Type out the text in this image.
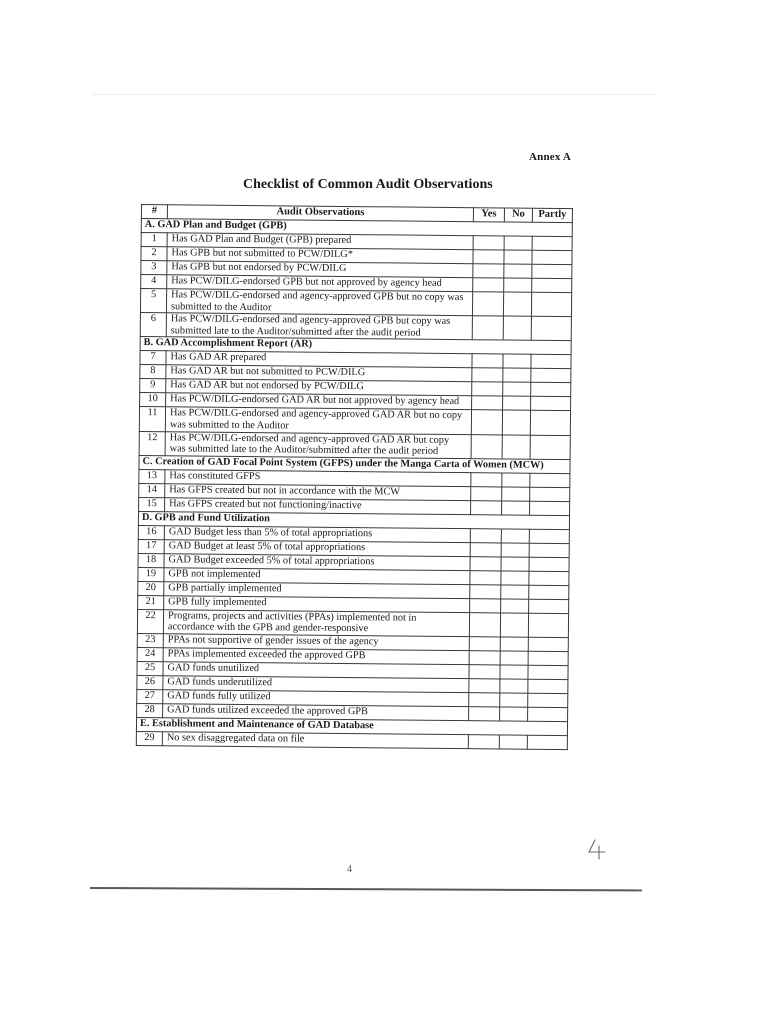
Annex A
Checklist of Common Audit Observations
#	Audit Observations	Yes	No	Partly
A. GAD Plan and Budget (GPB)				
1	Has GAD Plan and Budget (GPB) prepared			
2	Has GPB but not submitted to PCW/DILG*			
3	Has GPB but not endorsed by PCW/DILG			
4	Has PCW/DILG-endorsed GPB but not approved by agency head			
5	Has PCW/DILG-endorsed and agency-approved GPB but no copy was submitted to the Auditor			
6	Has PCW/DILG-endorsed and agency-approved GPB but copy was submitted late to the Auditor/submitted after the audit period			
B. GAD Accomplishment Report (AR)				
7	Has GAD AR prepared			
8	Has GAD AR but not submitted to PCW/DILG			
9	Has GAD AR but not endorsed by PCW/DILG			
10	Has PCW/DILG-endorsed GAD AR but not approved by agency head			
11	Has PCW/DILG-endorsed and agency-approved GAD AR but no copy was submitted to the Auditor			
12	Has PCW/DILG-endorsed and agency-approved GAD AR but copy was submitted late to the Auditor/submitted after the audit period			
C. Creation of GAD Focal Point System (GFPS) under the Manga Carta of Women (MCW)				
13	Has constituted GFPS			
14	Has GFPS created but not in accordance with the MCW			
15	Has GFPS created but not functioning/inactive			
D. GPB and Fund Utilization				
16	GAD Budget less than 5% of total appropriations			
17	GAD Budget at least 5% of total appropriations			
18	GAD Budget exceeded 5% of total appropriations			
19	GPB not implemented			
20	GPB partially implemented			
21	GPB fully implemented			
22	Programs, projects and activities (PPAs) implemented not in accordance with the GPB and gender-responsive			
23	PPAs not supportive of gender issues of the agency			
24	PPAs implemented exceeded the approved GPB			
25	GAD funds unutilized			
26	GAD funds underutilized			
27	GAD funds fully utilized			
28	GAD funds utilized exceeded the approved GPB			
E. Establishment and Maintenance of GAD Database				
29	No sex disaggregated data on file			
4
